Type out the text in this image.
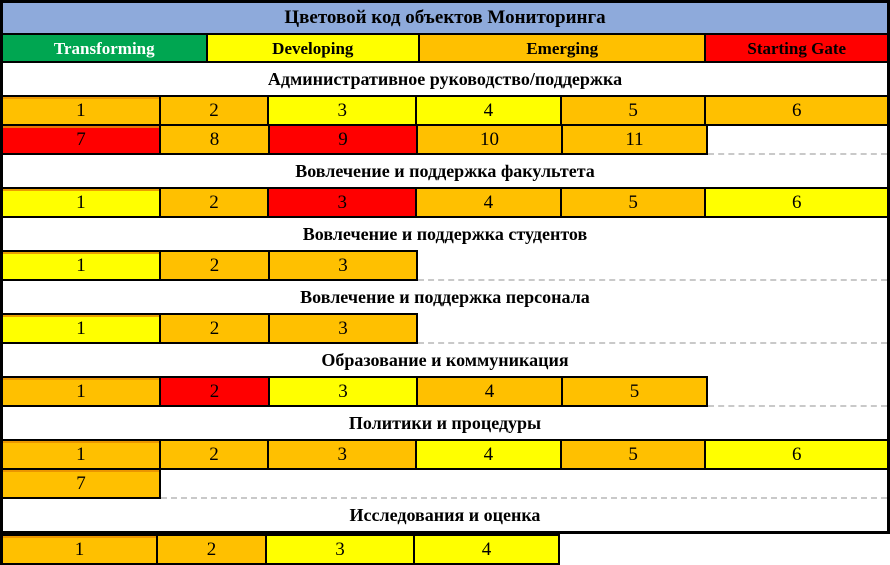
Цветовой код объектов Мониторинга
Transforming	Developing	Emerging	Starting Gate
Административное руководство/поддержка
1	2	3	4	5	6
7	8	9	10	11
Вовлечение и поддержка факультета
1	2	3	4	5	6
Вовлечение и поддержка студентов
1	2	3
Вовлечение и поддержка персонала
1	2	3
Образование и коммуникация
1	2	3	4	5
Политики и процедуры
1	2	3	4	5	6
7
Исследования и оценка
1	2	3	4
